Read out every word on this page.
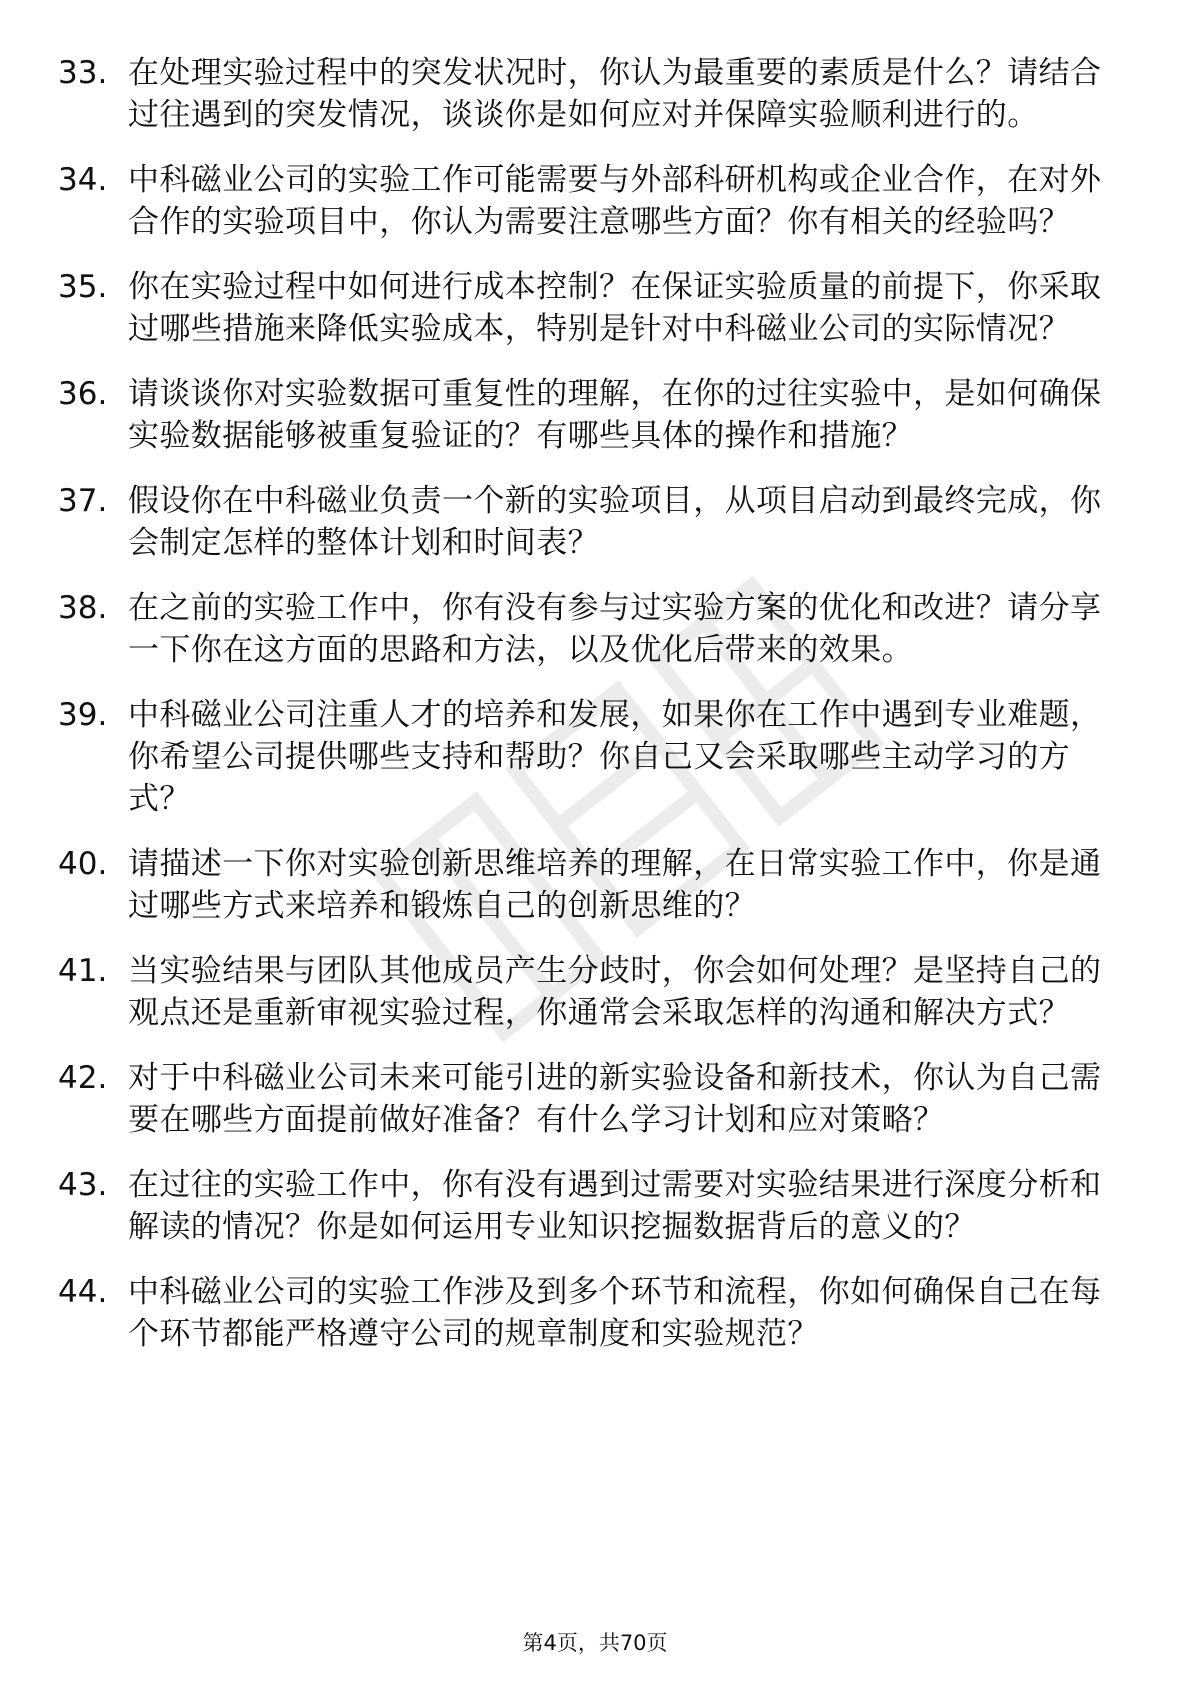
33. 在处理实验过程中的突发状况时，你认为最重要的素质是什么？请结合过往遇到的突发情况，谈谈你是如何应对并保障实验顺利进行的。
34. 中科磁业公司的实验工作可能需要与外部科研机构或企业合作，在对外合作的实验项目中，你认为需要注意哪些方面？你有相关的经验吗？
35. 你在实验过程中如何进行成本控制？在保证实验质量的前提下，你采取过哪些措施来降低实验成本，特别是针对中科磁业公司的实际情况？
36. 请谈谈你对实验数据可重复性的理解，在你的过往实验中，是如何确保实验数据能够被重复验证的？有哪些具体的操作和措施？
37. 假设你在中科磁业负责一个新的实验项目，从项目启动到最终完成，你会制定怎样的整体计划和时间表？
38. 在之前的实验工作中，你有没有参与过实验方案的优化和改进？请分享一下你在这方面的思路和方法，以及优化后带来的效果。
39. 中科磁业公司注重人才的培养和发展，如果你在工作中遇到专业难题，你希望公司提供哪些支持和帮助？你自己又会采取哪些主动学习的方式？
40. 请描述一下你对实验创新思维培养的理解，在日常实验工作中，你是通过哪些方式来培养和锻炼自己的创新思维的？
41. 当实验结果与团队其他成员产生分歧时，你会如何处理？是坚持自己的观点还是重新审视实验过程，你通常会采取怎样的沟通和解决方式？
42. 对于中科磁业公司未来可能引进的新实验设备和新技术，你认为自己需要在哪些方面提前做好准备？有什么学习计划和应对策略？
43. 在过往的实验工作中，你有没有遇到过需要对实验结果进行深度分析和解读的情况？你是如何运用专业知识挖掘数据背后的意义的？
44. 中科磁业公司的实验工作涉及到多个环节和流程，你如何确保自己在每个环节都能严格遵守公司的规章制度和实验规范？
第4页，共70页
